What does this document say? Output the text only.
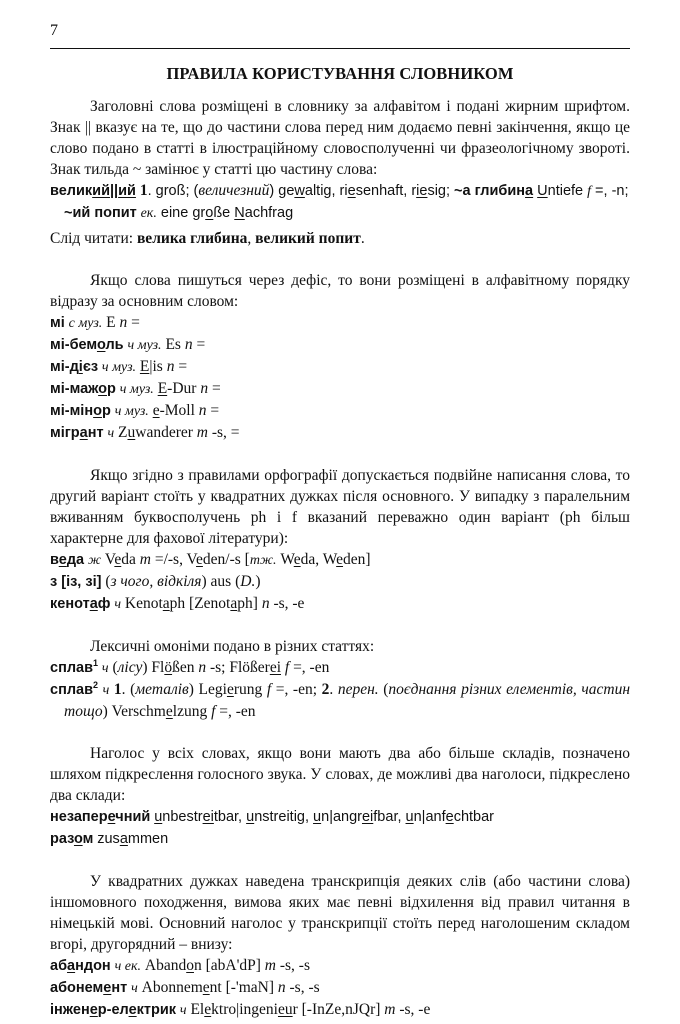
7
ПРАВИЛА КОРИСТУВАННЯ СЛОВНИКОМ

Заголовні слова розміщені в словнику за алфавітом і подані жирним шрифтом. Знак || вказує на те, що до частини слова перед ним додаємо певні закінчення, якщо це слово подано в статті в ілюстраційному словосполученні чи фразеологічному звороті. Знак тильда ~ замінює у статті цю частину слова:

великий||ий 1. groß; (величезний) gewaltig, riesenhaft, riesig; ~а глибина Untiefe f =, -n; ~ий попит ек. eine große Nachfrag

Слід читати: велика глибина, великий попит.

Якщо слова пишуться через дефіс, то вони розміщені в алфавітному порядку відразу за основним словом:

мі с муз. E n =

мі-бемоль ч муз. Es n =

мі-дієз ч муз. E|is n =

мі-мажор ч муз. E-Dur n =

мі-мінор ч муз. e-Moll n =

мігрант ч Zuwanderer m -s, =

Якщо згідно з правилами орфографії допускається подвійне написання слова, то другий варіант стоїть у квадратних дужках після основного. У випадку з паралельним вживанням буквосполучень ph і f вказаний переважно один варіант (ph більш характерне для фахової літератури):

веда ж Veda m =/-s, Veden/-s [тж. Weda, Weden]

з [із, зі] (з чого, відкіля) aus (D.)

кенотаф ч Kenotaph [Zenotaph] n -s, -e

Лексичні омоніми подано в різних статтях:

сплав$^1$ ч (лісу) Flößen n -s; Flößerei f =, -en

сплав$^2$ ч 1. (металів) Legierung f =, -en; 2. перен. (поєднання різних елементів, частин тощо) Verschmelzung f =, -en

Наголос у всіх словах, якщо вони мають два або більше складів, позначено шляхом підкреслення голосного звука. У словах, де можливі два наголоси, підкреслено два склади:

незаперечний unbestreitbar, unstreitig, un|angreifbar, un|anfechtbar

разом zusammen

У квадратних дужках наведена транскрипція деяких слів (або частини слова) іншомовного походження, вимова яких має певні відхилення від правил читання в німецькій мові. Основний наголос у транскрипції стоїть перед наголошеним складом вгорі, другорядний – внизу:

абандон ч ек. Abandon [abA'dP] m -s, -s

абонемент ч Abonnement [-'maN] n -s, -s

інженер-електрик ч Elektro|ingenieur [-InZe,nJQr] m -s, -e
